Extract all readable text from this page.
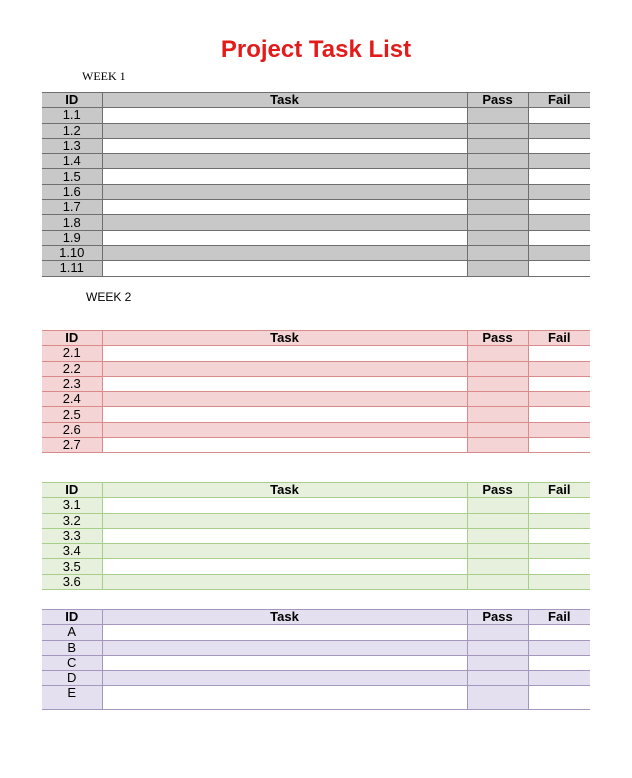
Project Task List
WEEK 1
ID	Task	Pass	Fail
1.1			
1.2			
1.3			
1.4			
1.5			
1.6			
1.7			
1.8			
1.9			
1.10			
1.11			
WEEK 2
ID	Task	Pass	Fail
2.1			
2.2			
2.3			
2.4			
2.5			
2.6			
2.7			
ID	Task	Pass	Fail
3.1			
3.2			
3.3			
3.4			
3.5			
3.6			
ID	Task	Pass	Fail
A			
B			
C			
D			
E			
